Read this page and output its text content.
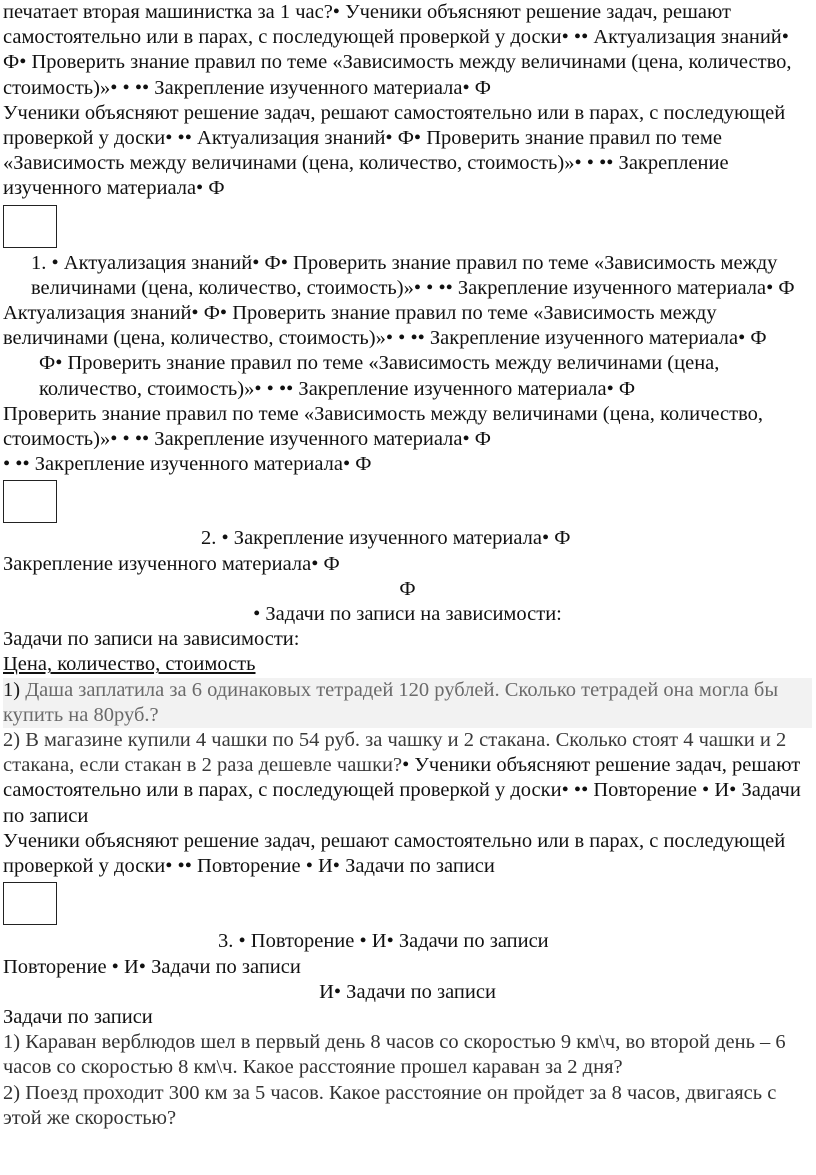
печатает вторая машинистка за 1 час?• Ученики объясняют решение задач, решают самостоятельно или в парах, с последующей проверкой у доски• •• Актуализация знаний• Ф• Проверить знание правил по теме «Зависимость между величинами (цена, количество, стоимость)»• • •• Закрепление изученного материала• Ф

Ученики объясняют решение задач, решают самостоятельно или в парах, с последующей проверкой у доски• •• Актуализация знаний• Ф• Проверить знание правил по теме «Зависимость между величинами (цена, количество, стоимость)»• • •• Закрепление изученного материала• Ф

1. • Актуализация знаний• Ф• Проверить знание правил по теме «Зависимость между величинами (цена, количество, стоимость)»• • •• Закрепление изученного материала• Ф

Актуализация знаний• Ф• Проверить знание правил по теме «Зависимость между величинами (цена, количество, стоимость)»• • •• Закрепление изученного материала• Ф

Ф• Проверить знание правил по теме «Зависимость между величинами (цена, количество, стоимость)»• • •• Закрепление изученного материала• Ф

Проверить знание правил по теме «Зависимость между величинами (цена, количество, стоимость)»• • •• Закрепление изученного материала• Ф

• •• Закрепление изученного материала• Ф

2. • Закрепление изученного материала• Ф

Закрепление изученного материала• Ф

Ф

• Задачи по записи на зависимости:

Задачи по записи на зависимости:

Цена, количество, стоимость

1) Даша заплатила за 6 одинаковых тетрадей 120 рублей. Сколько тетрадей она могла бы купить на 80руб.?

2) В магазине купили 4 чашки по 54 руб. за чашку и 2 стакана. Сколько стоят 4 чашки и 2 стакана, если стакан в 2 раза дешевле чашки?• Ученики объясняют решение задач, решают самостоятельно или в парах, с последующей проверкой у доски• •• Повторение • И• Задачи по записи

Ученики объясняют решение задач, решают самостоятельно или в парах, с последующей проверкой у доски• •• Повторение • И• Задачи по записи

3. • Повторение • И• Задачи по записи

Повторение • И• Задачи по записи

И• Задачи по записи

Задачи по записи

1) Караван верблюдов шел в первый день 8 часов со скоростью 9 км\ч, во второй день – 6 часов со скоростью 8 км\ч. Какое расстояние прошел караван за 2 дня?

2) Поезд проходит 300 км за 5 часов. Какое расстояние он пройдет за 8 часов, двигаясь с этой же скоростью?
